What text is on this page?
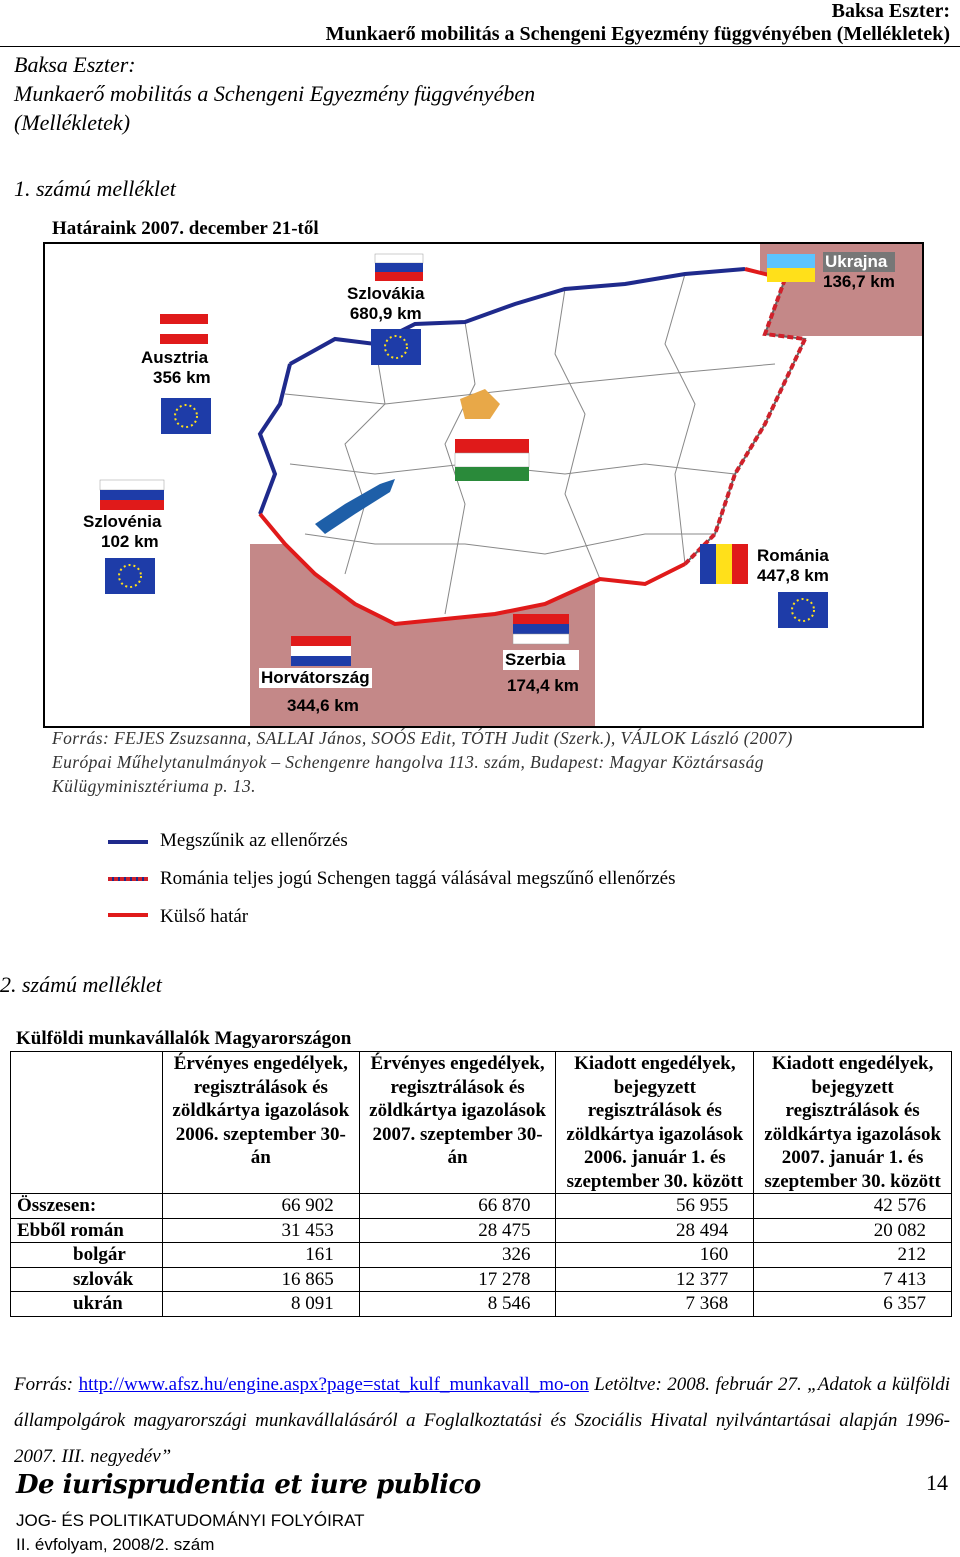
Baksa Eszter:
Munkaerő mobilitás a Schengeni Egyezmény függvényében (Mellékletek)
Baksa Eszter:
Munkaerő mobilitás a Schengeni Egyezmény függvényében
(Mellékletek)
1. számú melléklet
Határaink 2007. december 21-től
Ukrajna
136,7 km
Szlovákia
680,9 km
Ausztria
356 km
Szlovénia
102 km
Románia
447,8 km
Szerbia
174,4 km
Horvátország
344,6 km
Forrás: FEJES Zsuzsanna, SALLAI János, SOÓS Edit, TÓTH Judit (Szerk.), VÁJLOK László (2007)
Európai Műhelytanulmányok – Schengenre hangolva 113. szám, Budapest: Magyar Köztársaság
Külügyminisztériuma p. 13.
Megszűnik az ellenőrzés
Románia teljes jogú Schengen taggá válásával megszűnő ellenőrzés
Külső határ
2. számú melléklet
Külföldi munkavállalók Magyarországon
	Érvényes engedélyek, regisztrálások és zöldkártya igazolások 2006. szeptember 30-án	Érvényes engedélyek, regisztrálások és zöldkártya igazolások 2007. szeptember 30-án	Kiadott engedélyek, bejegyzett regisztrálások és zöldkártya igazolások 2006. január 1. és szeptember 30. között	Kiadott engedélyek, bejegyzett regisztrálások és zöldkártya igazolások 2007. január 1. és szeptember 30. között
Összesen:	66 902	66 870	56 955	42 576
Ebből román	31 453	28 475	28 494	20 082
bolgár	161	326	160	212
szlovák	16 865	17 278	12 377	7 413
ukrán	8 091	8 546	7 368	6 357
Forrás: http://www.afsz.hu/engine.aspx?page=stat_kulf_munkavall_mo-on Letöltve: 2008. február 27. „Adatok a külföldi állampolgárok magyarországi munkavállalásáról a Foglalkoztatási és Szociális Hivatal nyilvántartásai alapján 1996-2007. III. negyedév”
De iurisprudentia et iure publico	14
JOG- ÉS POLITIKATUDOMÁNYI FOLYÓIRAT
II. évfolyam, 2008/2. szám
